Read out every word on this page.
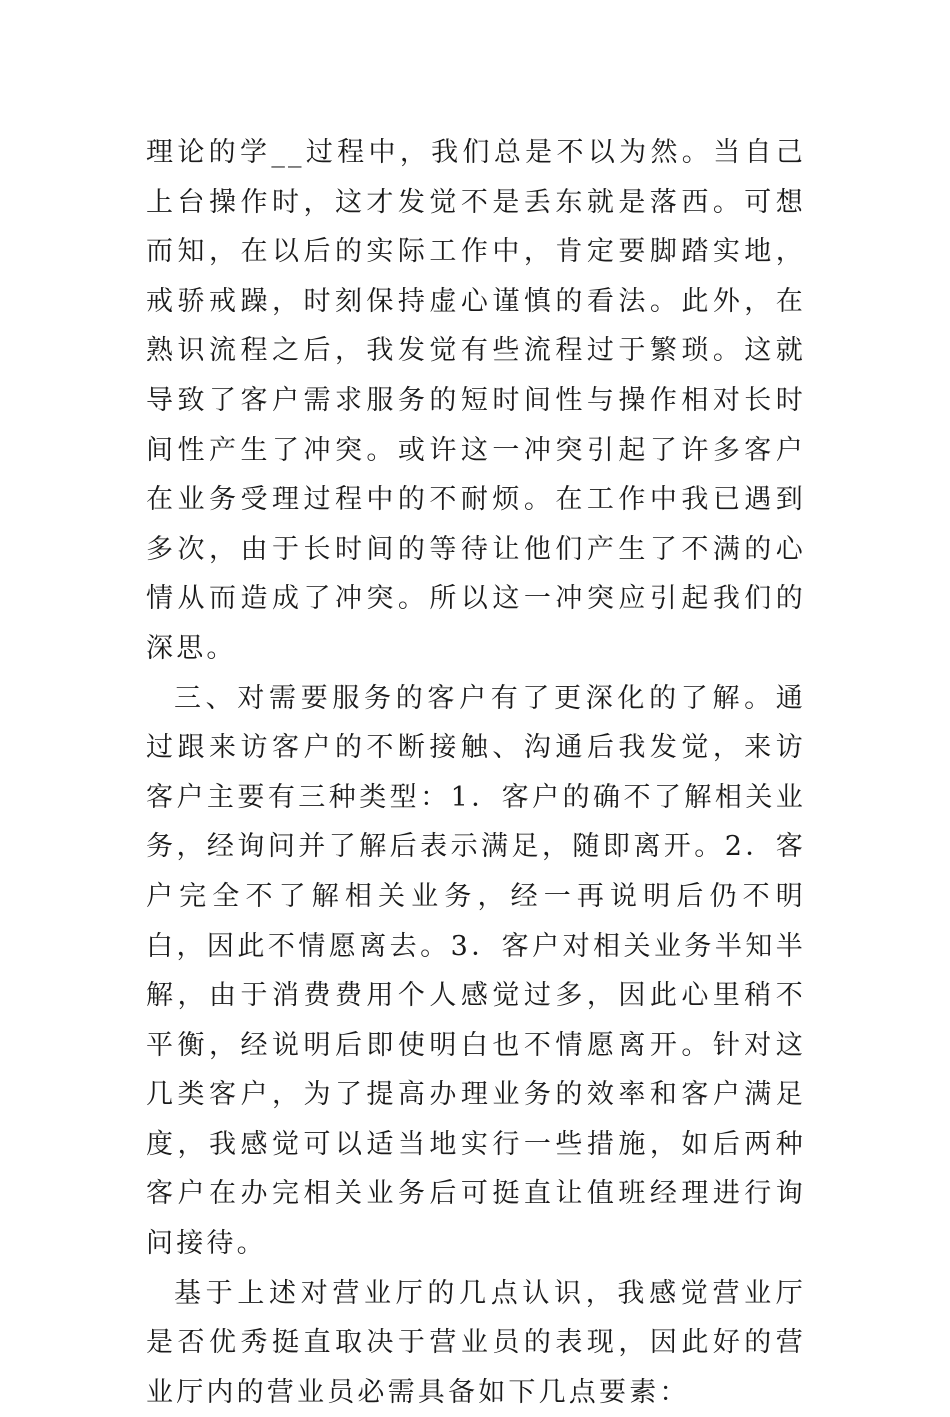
理论的学__过程中，我们总是不以为然。当自己上台操作时，这才发觉不是丢东就是落西。可想而知，在以后的实际工作中，肯定要脚踏实地，戒骄戒躁，时刻保持虚心谨慎的看法。此外，在熟识流程之后，我发觉有些流程过于繁琐。这就导致了客户需求服务的短时间性与操作相对长时间性产生了冲突。或许这一冲突引起了许多客户在业务受理过程中的不耐烦。在工作中我已遇到多次，由于长时间的等待让他们产生了不满的心情从而造成了冲突。所以这一冲突应引起我们的深思。

三、对需要服务的客户有了更深化的了解。通过跟来访客户的不断接触、沟通后我发觉，来访客户主要有三种类型：1．客户的确不了解相关业务，经询问并了解后表示满足，随即离开。2．客户完全不了解相关业务，经一再说明后仍不明白，因此不情愿离去。3．客户对相关业务半知半解，由于消费费用个人感觉过多，因此心里稍不平衡，经说明后即使明白也不情愿离开。针对这几类客户，为了提高办理业务的效率和客户满足度，我感觉可以适当地实行一些措施，如后两种客户在办完相关业务后可挺直让值班经理进行询问接待。

基于上述对营业厅的几点认识，我感觉营业厅是否优秀挺直取决于营业员的表现，因此好的营业厅内的营业员必需具备如下几点要素：
